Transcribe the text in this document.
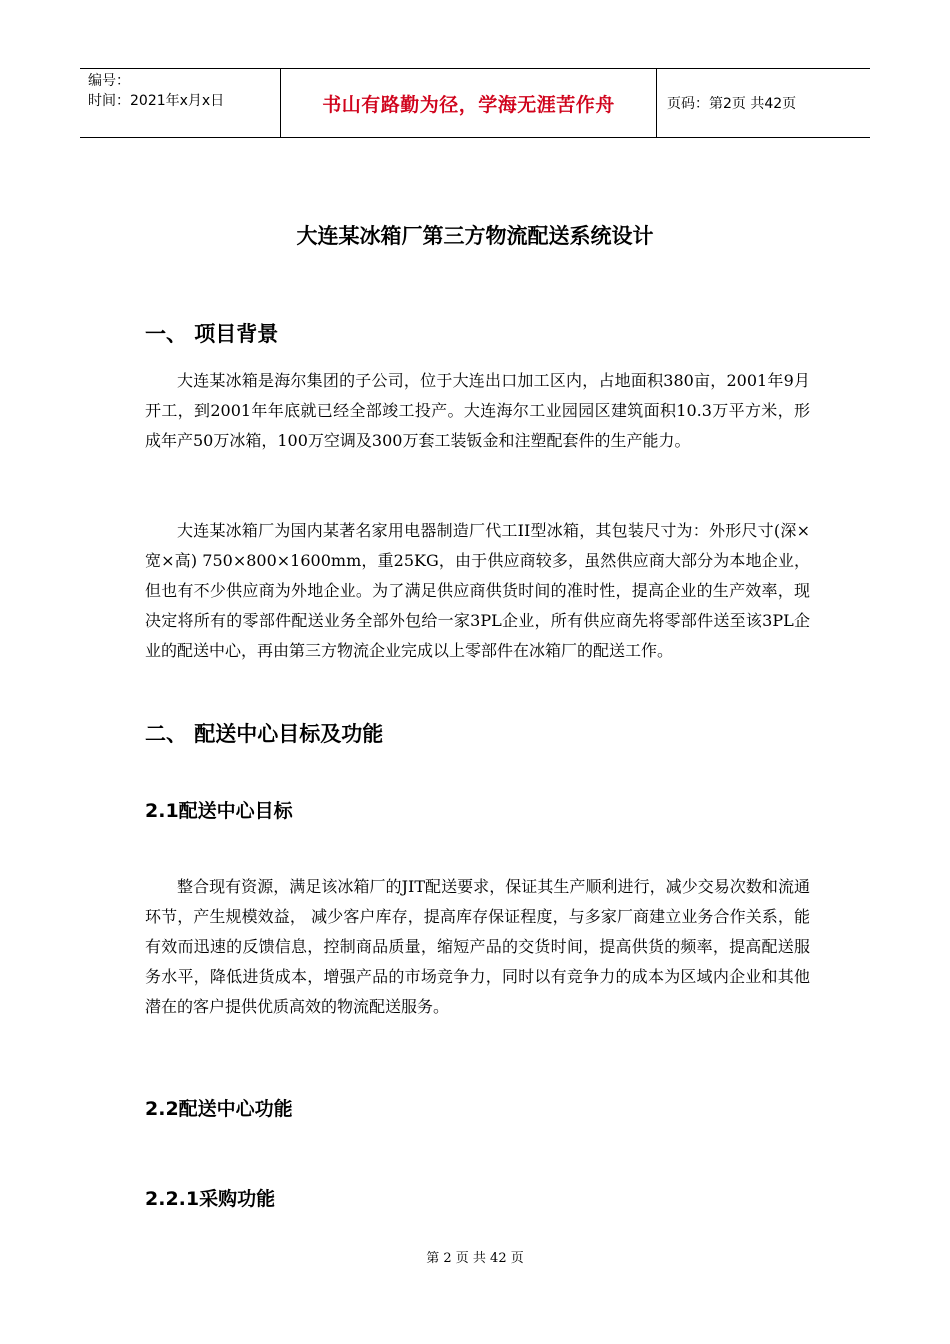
编号：
时间：2021年x月x日	书山有路勤为径，学海无涯苦作舟	页码：第2页 共42页
大连某冰箱厂第三方物流配送系统设计
一、 项目背景
大连某冰箱是海尔集团的子公司，位于大连出口加工区内，占地面积380亩，2001年9月开工，到2001年年底就已经全部竣工投产。大连海尔工业园园区建筑面积10.3万平方米，形成年产50万冰箱，100万空调及300万套工装钣金和注塑配套件的生产能力。
大连某冰箱厂为国内某著名家用电器制造厂代工II型冰箱，其包装尺寸为：外形尺寸(深×宽×高) 750×800×1600mm，重25KG，由于供应商较多，虽然供应商大部分为本地企业，但也有不少供应商为外地企业。为了满足供应商供货时间的准时性，提高企业的生产效率，现决定将所有的零部件配送业务全部外包给一家3PL企业，所有供应商先将零部件送至该3PL企业的配送中心，再由第三方物流企业完成以上零部件在冰箱厂的配送工作。
二、 配送中心目标及功能
2.1配送中心目标
整合现有资源，满足该冰箱厂的JIT配送要求，保证其生产顺利进行，减少交易次数和流通环节，产生规模效益， 减少客户库存，提高库存保证程度，与多家厂商建立业务合作关系，能有效而迅速的反馈信息，控制商品质量，缩短产品的交货时间，提高供货的频率，提高配送服务水平，降低进货成本，增强产品的市场竞争力，同时以有竞争力的成本为区域内企业和其他潜在的客户提供优质高效的物流配送服务。
2.2配送中心功能
2.2.1采购功能
第 2 页 共 42 页
